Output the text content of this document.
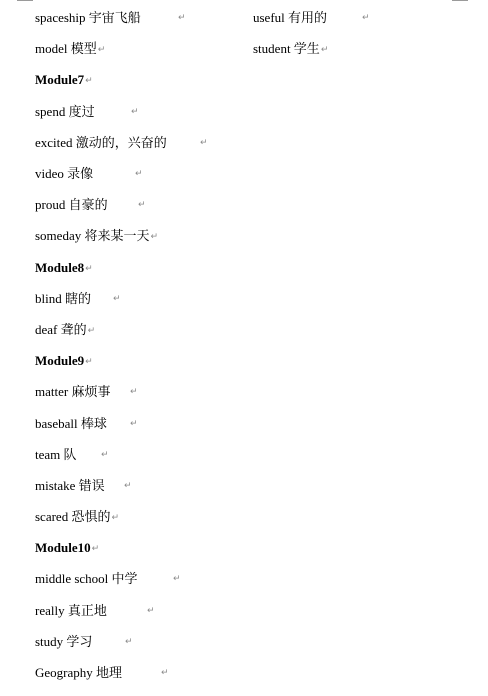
spaceship 宇宙飞船	↵	useful 有用的	↵
model 模型↵	student 学生↵
Module7↵
spend 度过	↵
excited 激动的，兴奋的	↵
video 录像	↵
proud 自豪的	↵
someday 将来某一天↵
Module8↵
blind 瞎的 ↵
deaf 聋的↵
Module9↵
matter 麻烦事 ↵
baseball 棒球	↵
team 队	↵
mistake 错误 ↵
scared 恐惧的↵
Module10↵
middle school 中学	↵
really 真正地	↵
study 学习	↵
Geography 地理	↵
